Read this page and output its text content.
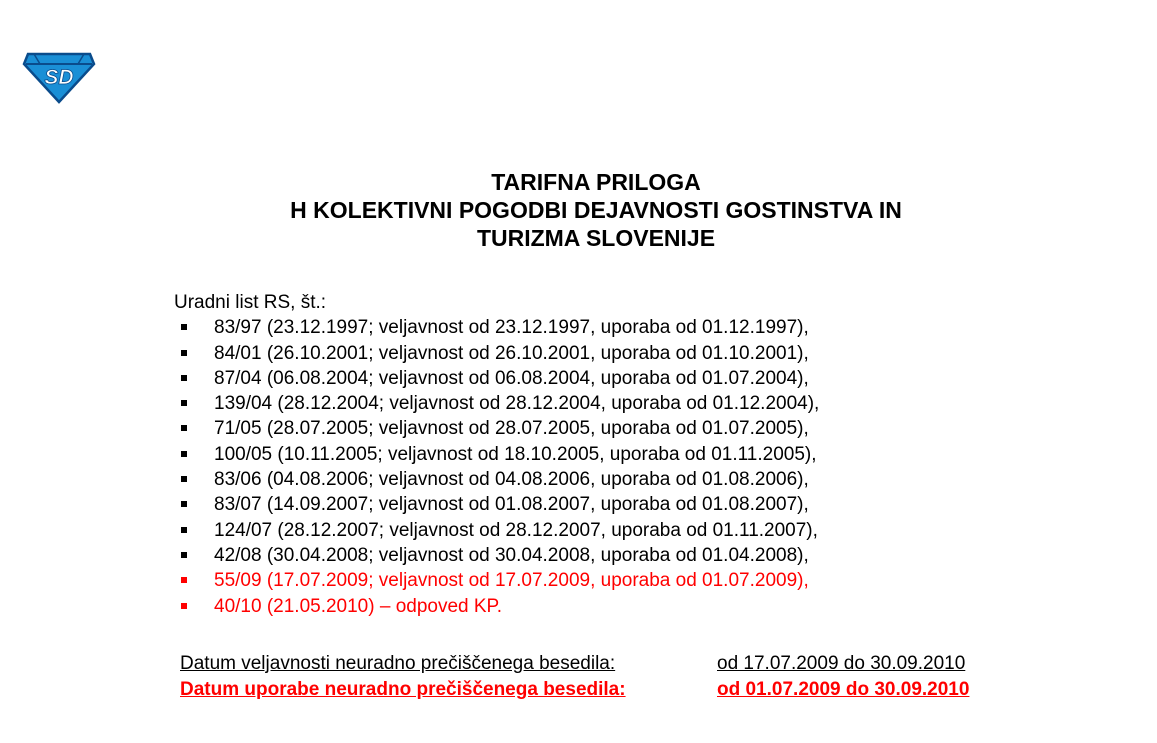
SD
TARIFNA PRILOGA
H KOLEKTIVNI POGODBI DEJAVNOSTI GOSTINSTVA IN
TURIZMA SLOVENIJE
Uradni list RS, št.:
83/97 (23.12.1997; veljavnost od 23.12.1997, uporaba od 01.12.1997),
84/01 (26.10.2001; veljavnost od 26.10.2001, uporaba od 01.10.2001),
87/04 (06.08.2004; veljavnost od 06.08.2004, uporaba od 01.07.2004),
139/04 (28.12.2004; veljavnost od 28.12.2004, uporaba od 01.12.2004),
71/05 (28.07.2005; veljavnost od 28.07.2005, uporaba od 01.07.2005),
100/05 (10.11.2005; veljavnost od 18.10.2005, uporaba od 01.11.2005),
83/06 (04.08.2006; veljavnost od 04.08.2006, uporaba od 01.08.2006),
83/07 (14.09.2007; veljavnost od 01.08.2007, uporaba od 01.08.2007),
124/07 (28.12.2007; veljavnost od 28.12.2007, uporaba od 01.11.2007),
42/08 (30.04.2008; veljavnost od 30.04.2008, uporaba od 01.04.2008),
55/09 (17.07.2009; veljavnost od 17.07.2009, uporaba od 01.07.2009),
40/10 (21.05.2010) – odpoved KP.
Datum veljavnosti neuradno prečiščenega besedila:	od 17.07.2009 do 30.09.2010
Datum uporabe neuradno prečiščenega besedila:	od 01.07.2009 do 30.09.2010
